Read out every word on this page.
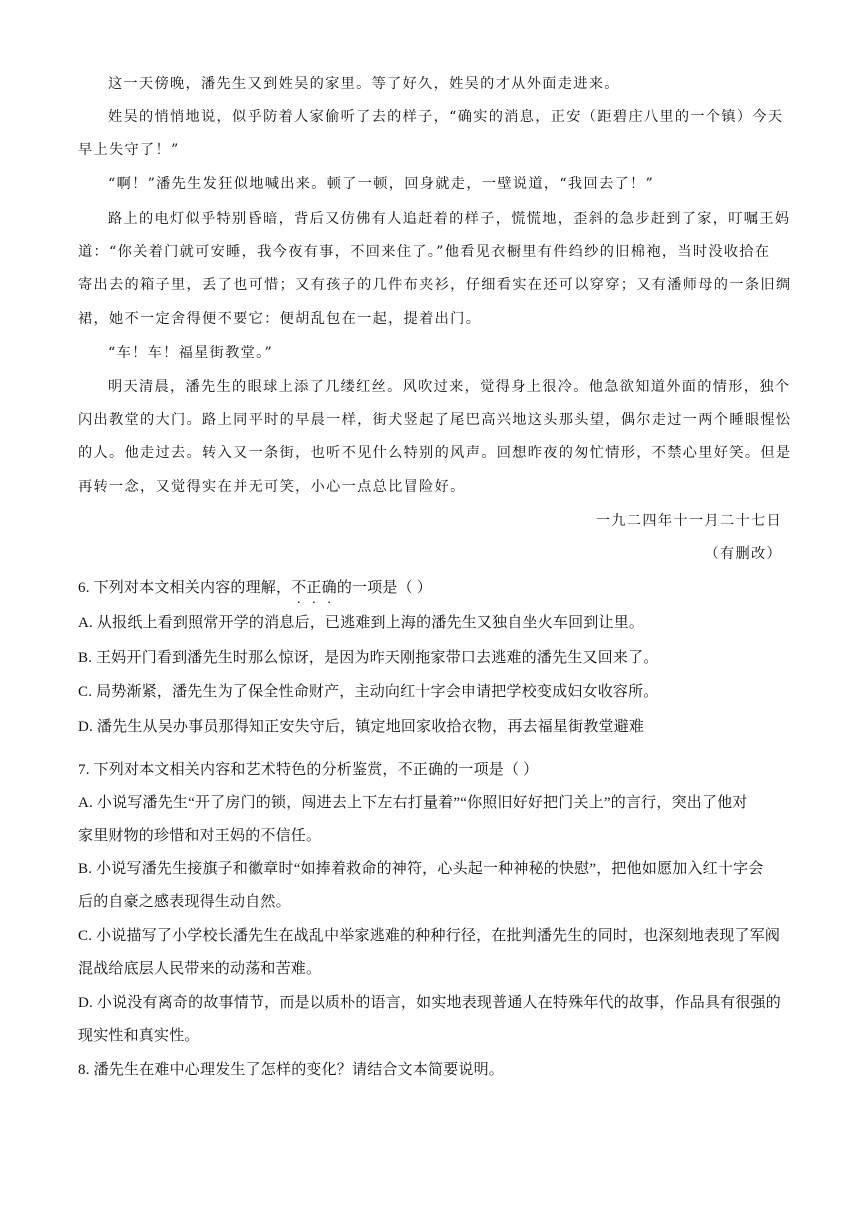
这一天傍晚，潘先生又到姓吴的家里。等了好久，姓吴的才从外面走进来。
姓吴的悄悄地说，似乎防着人家偷听了去的样子，“确实的消息，正安（距碧庄八里的一个镇）今天
早上失守了！”
“啊！”潘先生发狂似地喊出来。顿了一顿，回身就走，一壁说道，“我回去了！”
路上的电灯似乎特别昏暗，背后又仿佛有人追赶着的样子，慌慌地，歪斜的急步赶到了家，叮嘱王妈
道：“你关着门就可安睡，我今夜有事，不回来住了。”他看见衣橱里有件绉纱的旧棉袍，当时没收拾在
寄出去的箱子里，丢了也可惜；又有孩子的几件布夹衫，仔细看实在还可以穿穿；又有潘师母的一条旧绸
裙，她不一定舍得便不要它：便胡乱包在一起，提着出门。
“车！车！福星街教堂。”
明天清晨，潘先生的眼球上添了几缕红丝。风吹过来，觉得身上很冷。他急欲知道外面的情形，独个
闪出教堂的大门。路上同平时的早晨一样，街犬竖起了尾巴高兴地这头那头望，偶尔走过一两个睡眼惺忪
的人。他走过去。转入又一条街，也听不见什么特别的风声。回想昨夜的匆忙情形，不禁心里好笑。但是
再转一念，又觉得实在并无可笑，小心一点总比冒险好。
一九二四年十一月二十七日
（有删改）
6. 下列对本文相关内容的理解，不正确的一项是（ ）
A. 从报纸上看到照常开学的消息后，已逃难到上海的潘先生又独自坐火车回到让里。
B. 王妈开门看到潘先生时那么惊讶，是因为昨天刚拖家带口去逃难的潘先生又回来了。
C. 局势渐紧，潘先生为了保全性命财产，主动向红十字会申请把学校变成妇女收容所。
D. 潘先生从吴办事员那得知正安失守后，镇定地回家收拾衣物，再去福星街教堂避难
7. 下列对本文相关内容和艺术特色的分析鉴赏，不正确的一项是（ ）
A. 小说写潘先生“开了房门的锁，闯进去上下左右打量着”“你照旧好好把门关上”的言行，突出了他对
家里财物的珍惜和对王妈的不信任。
B. 小说写潘先生接旗子和徽章时“如捧着救命的神符，心头起一种神秘的快慰”，把他如愿加入红十字会
后的自豪之感表现得生动自然。
C. 小说描写了小学校长潘先生在战乱中举家逃难的种种行径，在批判潘先生的同时，也深刻地表现了军阀
混战给底层人民带来的动荡和苦难。
D. 小说没有离奇的故事情节，而是以质朴的语言，如实地表现普通人在特殊年代的故事，作品具有很强的
现实性和真实性。
8. 潘先生在难中心理发生了怎样的变化？请结合文本简要说明。
